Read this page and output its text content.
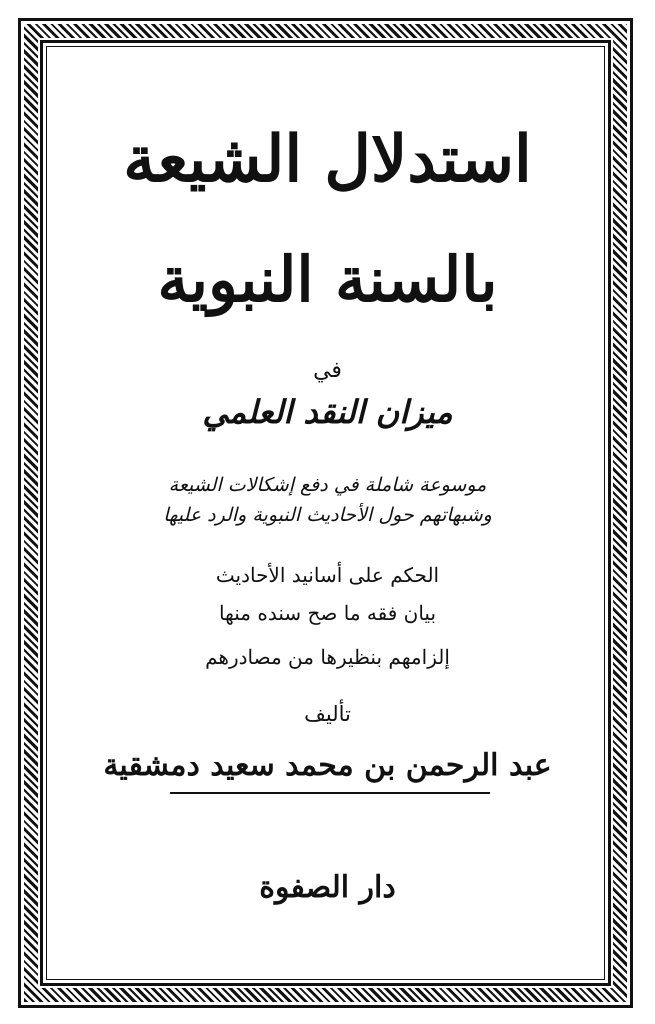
استدلال الشيعة
بالسنة النبوية
في
ميزان النقد العلمي
موسوعة شاملة في دفع إشكالات الشيعة
وشبهاتهم حول الأحاديث النبوية والرد عليها
الحكم على أسانيد الأحاديث
بيان فقه ما صح سنده منها
إلزامهم بنظيرها من مصادرهم
تأليف
عبد الرحمن بن محمد سعيد دمشقية
دار الصفوة
